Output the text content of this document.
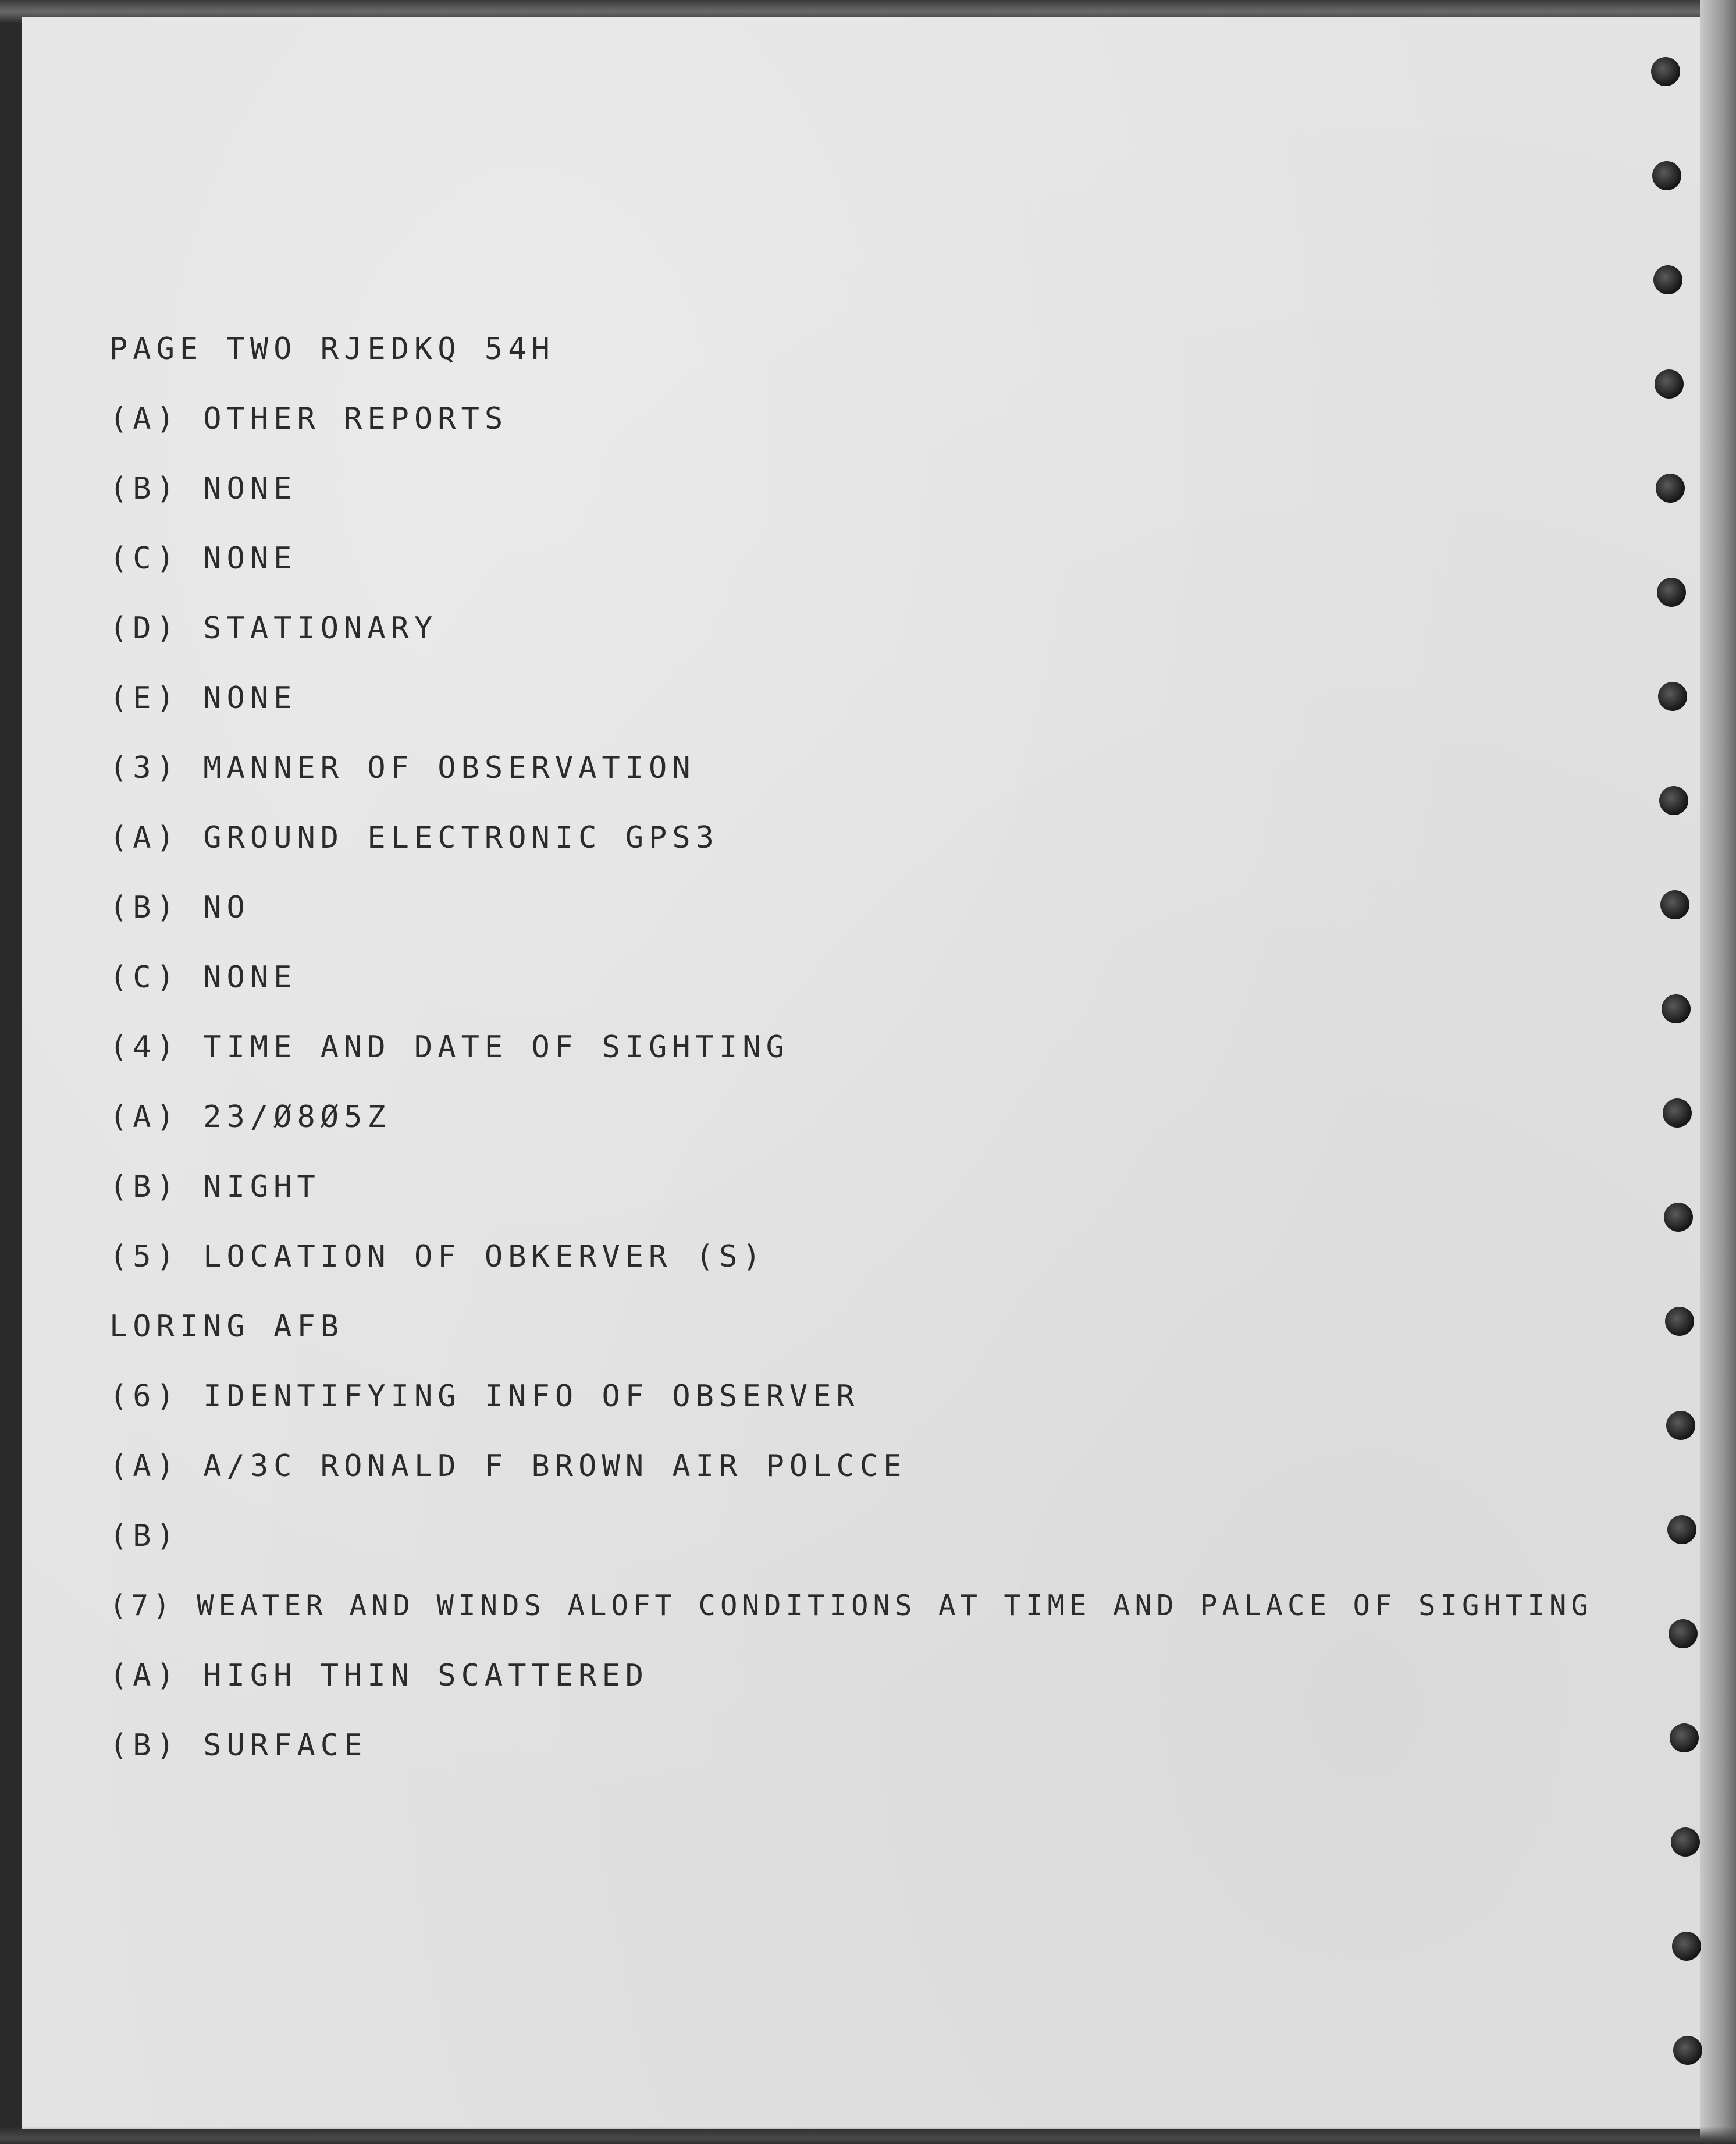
PAGE TWO RJEDKQ 54H
(A) OTHER REPORTS
(B) NONE
(C) NONE
(D) STATIONARY
(E) NONE
(3) MANNER OF OBSERVATION
(A) GROUND ELECTRONIC GPS3
(B) NO
(C) NONE
(4) TIME AND DATE OF SIGHTING
(A) 23/Ø8Ø5Z
(B) NIGHT
(5) LOCATION OF OBKERVER (S)
LORING AFB
(6) IDENTIFYING INFO OF OBSERVER
(A) A/3C RONALD F BROWN AIR POLCCE
(B)
(7) WEATER AND WINDS ALOFT CONDITIONS AT TIME AND PALACE OF SIGHTING
(A) HIGH THIN SCATTERED
(B) SURFACE
